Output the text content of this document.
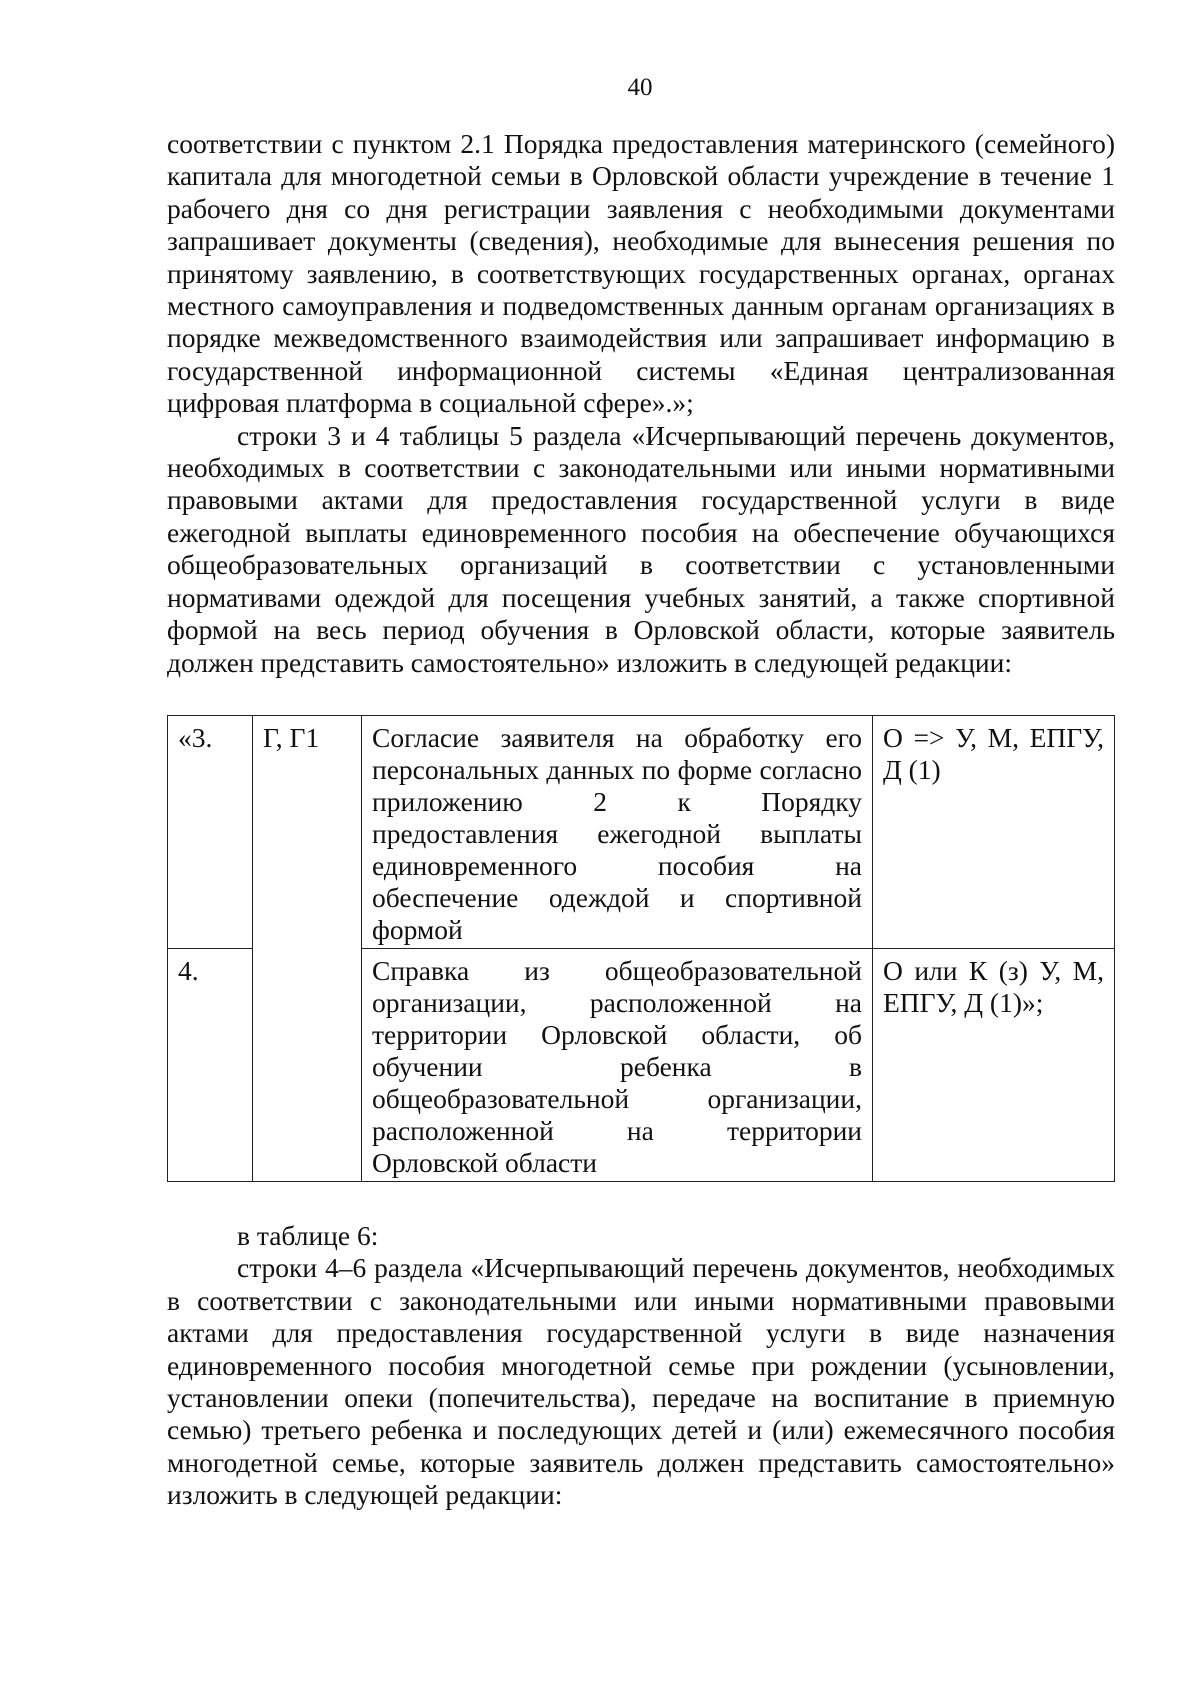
40

соответствии с пунктом 2.1 Порядка предоставления материнского (семейного) капитала для многодетной семьи в Орловской области учреждение в течение 1 рабочего дня со дня регистрации заявления с необходимыми документами запрашивает документы (сведения), необходимые для вынесения решения по принятому заявлению, в соответствующих государственных органах, органах местного самоуправления и подведомственных данным органам организациях в порядке межведомственного взаимодействия или запрашивает информацию в государственной информационной системы «Единая централизованная цифровая платформа в социальной сфере».»;

строки 3 и 4 таблицы 5 раздела «Исчерпывающий перечень документов, необходимых в соответствии с законодательными или иными нормативными правовыми актами для предоставления государственной услуги в виде ежегодной выплаты единовременного пособия на обеспечение обучающихся общеобразовательных организаций в соответствии с установленными нормативами одеждой для посещения учебных занятий, а также спортивной формой на весь период обучения в Орловской области, которые заявитель должен представить самостоятельно» изложить в следующей редакции:

«3.	Г, Г1	Согласие заявителя на обработку его персональных данных по форме согласно приложению 2 к Порядку предоставления ежегодной выплаты единовременного пособия на обеспечение одеждой и спортивной формой	О => У, М, ЕПГУ, Д (1)
4.		Справка из общеобразовательной организации, расположенной на территории Орловской области, об обучении ребенка в общеобразовательной организации, расположенной на территории Орловской области	О или К (з) У, М, ЕПГУ, Д (1)»;

в таблице 6:

строки 4–6 раздела «Исчерпывающий перечень документов, необходимых в соответствии с законодательными или иными нормативными правовыми актами для предоставления государственной услуги в виде назначения единовременного пособия многодетной семье при рождении (усыновлении, установлении опеки (попечительства), передаче на воспитание в приемную семью) третьего ребенка и последующих детей и (или) ежемесячного пособия многодетной семье, которые заявитель должен представить самостоятельно» изложить в следующей редакции:
